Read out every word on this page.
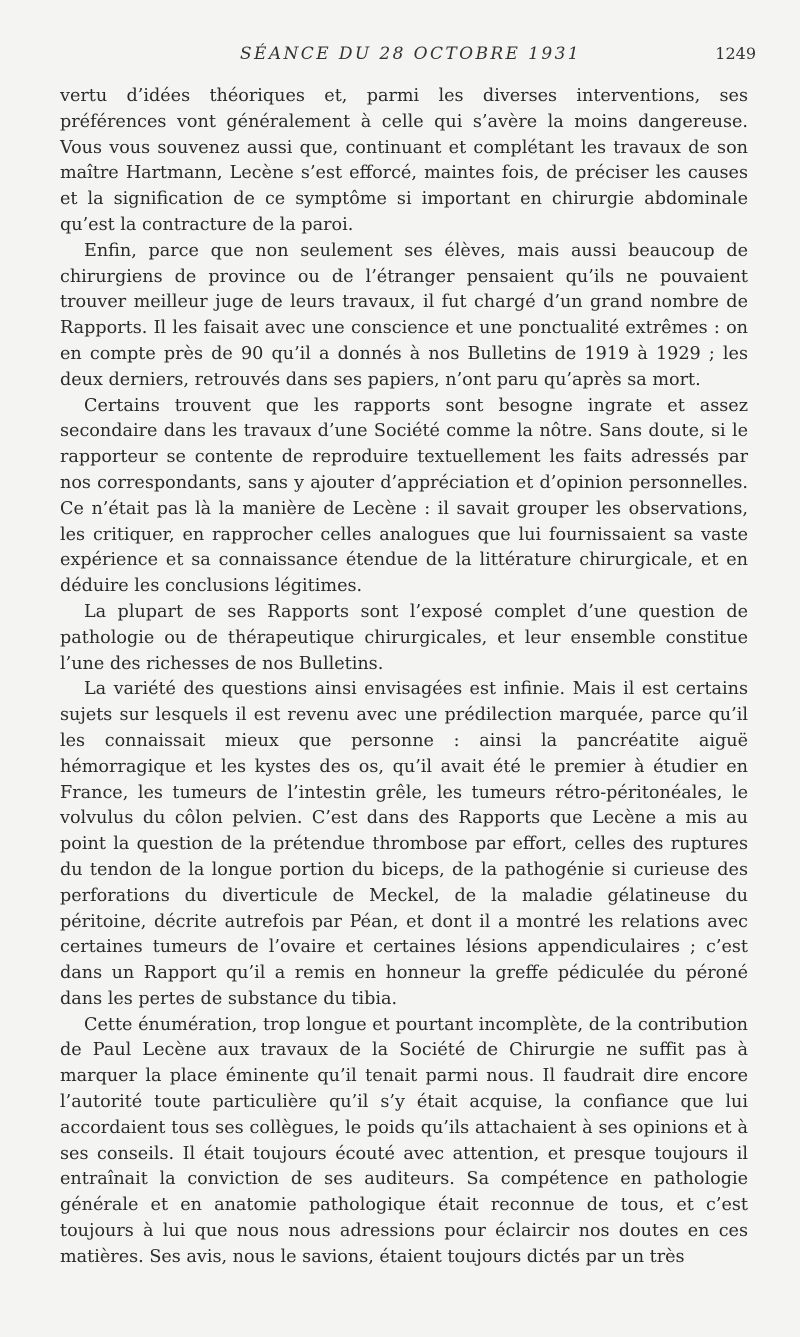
SÉANCE DU 28 OCTOBRE 1931	1249

vertu d’idées théoriques et, parmi les diverses interventions, ses préférences vont généralement à celle qui s’avère la moins dangereuse. Vous vous souvenez aussi que, continuant et complétant les travaux de son maître Hartmann, Lecène s’est efforcé, maintes fois, de préciser les causes et la signification de ce symptôme si important en chirurgie abdominale qu’est la contracture de la paroi.

Enfin, parce que non seulement ses élèves, mais aussi beaucoup de chirurgiens de province ou de l’étranger pensaient qu’ils ne pouvaient trouver meilleur juge de leurs travaux, il fut chargé d’un grand nombre de Rapports. Il les faisait avec une conscience et une ponctualité extrêmes : on en compte près de 90 qu’il a donnés à nos Bulletins de 1919 à 1929 ; les deux derniers, retrouvés dans ses papiers, n’ont paru qu’après sa mort.

Certains trouvent que les rapports sont besogne ingrate et assez secondaire dans les travaux d’une Société comme la nôtre. Sans doute, si le rapporteur se contente de reproduire textuellement les faits adressés par nos correspondants, sans y ajouter d’appréciation et d’opinion personnelles. Ce n’était pas là la manière de Lecène : il savait grouper les observations, les critiquer, en rapprocher celles analogues que lui fournissaient sa vaste expérience et sa connaissance étendue de la littérature chirurgicale, et en déduire les conclusions légitimes.

La plupart de ses Rapports sont l’exposé complet d’une question de pathologie ou de thérapeutique chirurgicales, et leur ensemble constitue l’une des richesses de nos Bulletins.

La variété des questions ainsi envisagées est infinie. Mais il est certains sujets sur lesquels il est revenu avec une prédilection marquée, parce qu’il les connaissait mieux que personne : ainsi la pancréatite aiguë hémorragique et les kystes des os, qu’il avait été le premier à étudier en France, les tumeurs de l’intestin grêle, les tumeurs rétro-péritonéales, le volvulus du côlon pelvien. C’est dans des Rapports que Lecène a mis au point la question de la prétendue thrombose par effort, celles des ruptures du tendon de la longue portion du biceps, de la pathogénie si curieuse des perforations du diverticule de Meckel, de la maladie gélatineuse du péritoine, décrite autrefois par Péan, et dont il a montré les relations avec certaines tumeurs de l’ovaire et certaines lésions appendiculaires ; c’est dans un Rapport qu’il a remis en honneur la greffe pédiculée du péroné dans les pertes de substance du tibia.

Cette énumération, trop longue et pourtant incomplète, de la contribution de Paul Lecène aux travaux de la Société de Chirurgie ne suffit pas à marquer la place éminente qu’il tenait parmi nous. Il faudrait dire encore l’autorité toute particulière qu’il s’y était acquise, la confiance que lui accordaient tous ses collègues, le poids qu’ils attachaient à ses opinions et à ses conseils. Il était toujours écouté avec attention, et presque toujours il entraînait la conviction de ses auditeurs. Sa compétence en pathologie générale et en anatomie pathologique était reconnue de tous, et c’est toujours à lui que nous nous adressions pour éclaircir nos doutes en ces matières. Ses avis, nous le savions, étaient toujours dictés par un très
